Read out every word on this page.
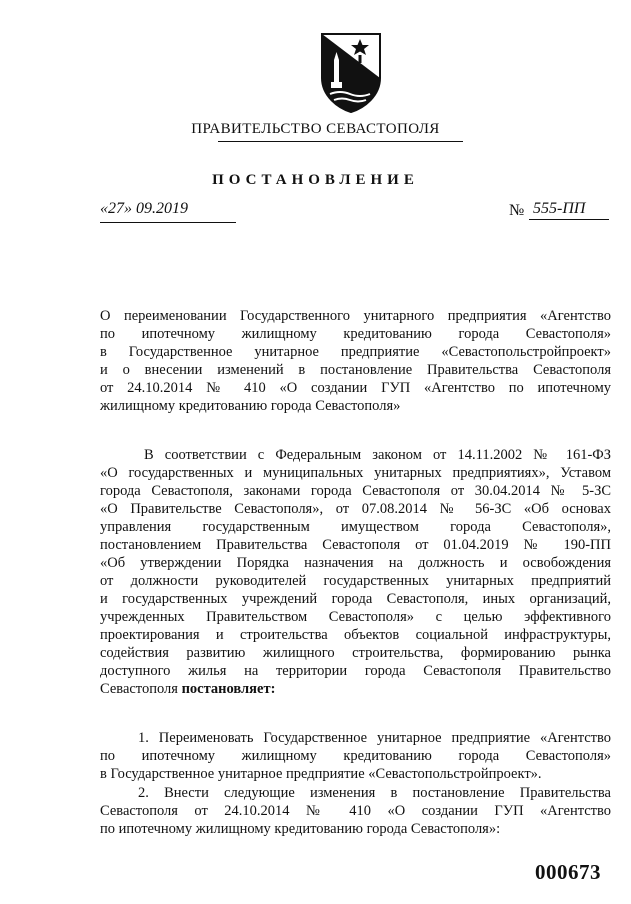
ПРАВИТЕЛЬСТВО СЕВАСТОПОЛЯ
ПОСТАНОВЛЕНИЕ
«27» 09.2019	№ 555-ПП
О переименовании Государственного унитарного предприятия «Агентство
по ипотечному жилищному кредитованию города Севастополя»
в Государственное унитарное предприятие «Севастопольстройпроект»
и о внесении изменений в постановление Правительства Севастополя
от 24.10.2014 № 410 «О создании ГУП «Агентство по ипотечному
жилищному кредитованию города Севастополя»
В соответствии с Федеральным законом от 14.11.2002 № 161-ФЗ
«О государственных и муниципальных унитарных предприятиях», Уставом
города Севастополя, законами города Севастополя от 30.04.2014 № 5-ЗС
«О Правительстве Севастополя», от 07.08.2014 № 56-ЗС «Об основах
управления государственным имуществом города Севастополя»,
постановлением Правительства Севастополя от 01.04.2019 № 190-ПП
«Об утверждении Порядка назначения на должность и освобождения
от должности руководителей государственных унитарных предприятий
и государственных учреждений города Севастополя, иных организаций,
учрежденных Правительством Севастополя» с целью эффективного
проектирования и строительства объектов социальной инфраструктуры,
содействия развитию жилищного строительства, формированию рынка
доступного жилья на территории города Севастополя Правительство
Севастополя постановляет:
1. Переименовать Государственное унитарное предприятие «Агентство
по ипотечному жилищному кредитованию города Севастополя»
в Государственное унитарное предприятие «Севастопольстройпроект».
2. Внести следующие изменения в постановление Правительства
Севастополя от 24.10.2014 № 410 «О создании ГУП «Агентство
по ипотечному жилищному кредитованию города Севастополя»:
000673
